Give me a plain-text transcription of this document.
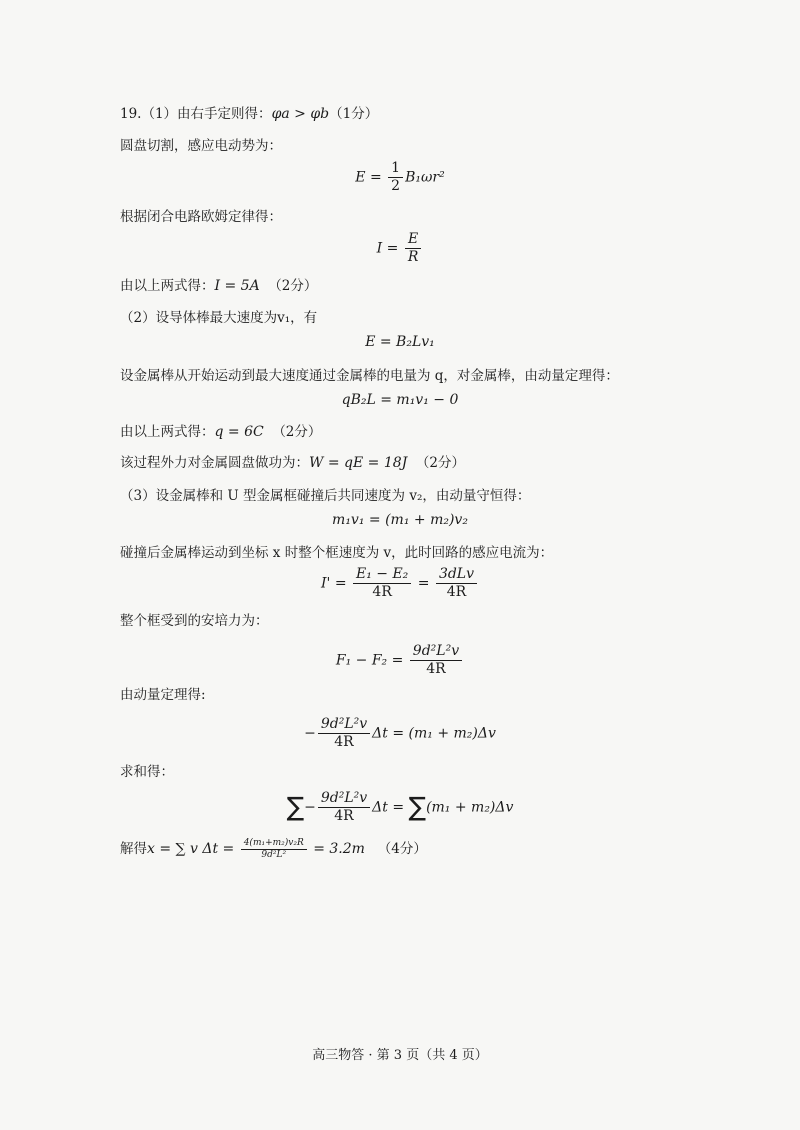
19.（1）由右手定则得：φa > φb（1分）
圆盘切割，感应电动势为：
$E = \frac{1}{2} B_1\omega r^2$
根据闭合电路欧姆定律得：
$I = \frac{E}{R}$
由以上两式得：I = 5A （2分）
（2）设导体棒最大速度为v₁，有
E = B₂Lv₁
设金属棒从开始运动到最大速度通过金属棒的电量为 q，对金属棒，由动量定理得：
qB₂L = m₁v₁ − 0
由以上两式得：q = 6C （2分）
该过程外力对金属圆盘做功为：W = qE = 18J （2分）
（3）设金属棒和 U 型金属框碰撞后共同速度为 v₂，由动量守恒得：
m₁v₁ = (m₁ + m₂)v₂
碰撞后金属棒运动到坐标 x 时整个框速度为 v，此时回路的感应电流为：
$I' = \frac{\text{E₁ − E₂}}{4R} = \frac{\text{3dLv}}{4R}$
整个框受到的安培力为：
$F_1 - F_2 = \frac{\text{9d²L²v}}{4R}$
由动量定理得:
− $\frac{\text{9d²L²v}}{4R}$ Δt = (m₁ + m₂)Δv
求和得：
∑− $\frac{\text{9d²L²v}}{4R}$ Δt = ∑(m₁ + m₂)Δv
解得x = ∑ v $\Delta t = \frac{\text{4(m₁+m₂)v₂R}}{\text{9d²L²}} = 3.2m$ （4分）
高三物答 · 第 3 页（共 4 页）
